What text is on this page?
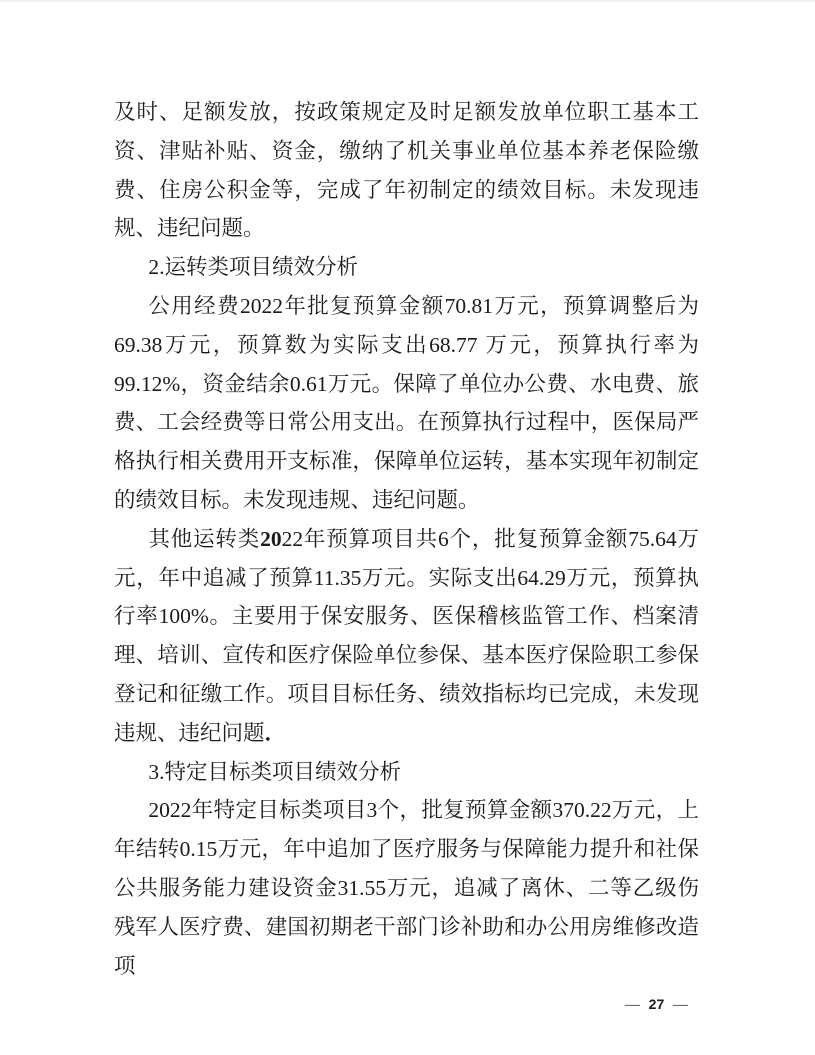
及时、足额发放，按政策规定及时足额发放单位职工基本工资、津贴补贴、资金，缴纳了机关事业单位基本养老保险缴费、住房公积金等，完成了年初制定的绩效目标。未发现违规、违纪问题。

2.运转类项目绩效分析

公用经费2022年批复预算金额70.81万元，预算调整后为69.38万元，预算数为实际支出68.77 万元，预算执行率为99.12%，资金结余0.61万元。保障了单位办公费、水电费、旅费、工会经费等日常公用支出。在预算执行过程中，医保局严格执行相关费用开支标准，保障单位运转，基本实现年初制定的绩效目标。未发现违规、违纪问题。

其他运转类2022年预算项目共6个，批复预算金额75.64万元，年中追减了预算11.35万元。实际支出64.29万元，预算执行率100%。主要用于保安服务、医保稽核监管工作、档案清理、培训、宣传和医疗保险单位参保、基本医疗保险职工参保登记和征缴工作。项目目标任务、绩效指标均已完成，未发现违规、违纪问题．

3.特定目标类项目绩效分析

2022年特定目标类项目3个，批复预算金额370.22万元，上年结转0.15万元，年中追加了医疗服务与保障能力提升和社保公共服务能力建设资金31.55万元，追减了离休、二等乙级伤残军人医疗费、建国初期老干部门诊补助和办公用房维修改造项

— 27 —
